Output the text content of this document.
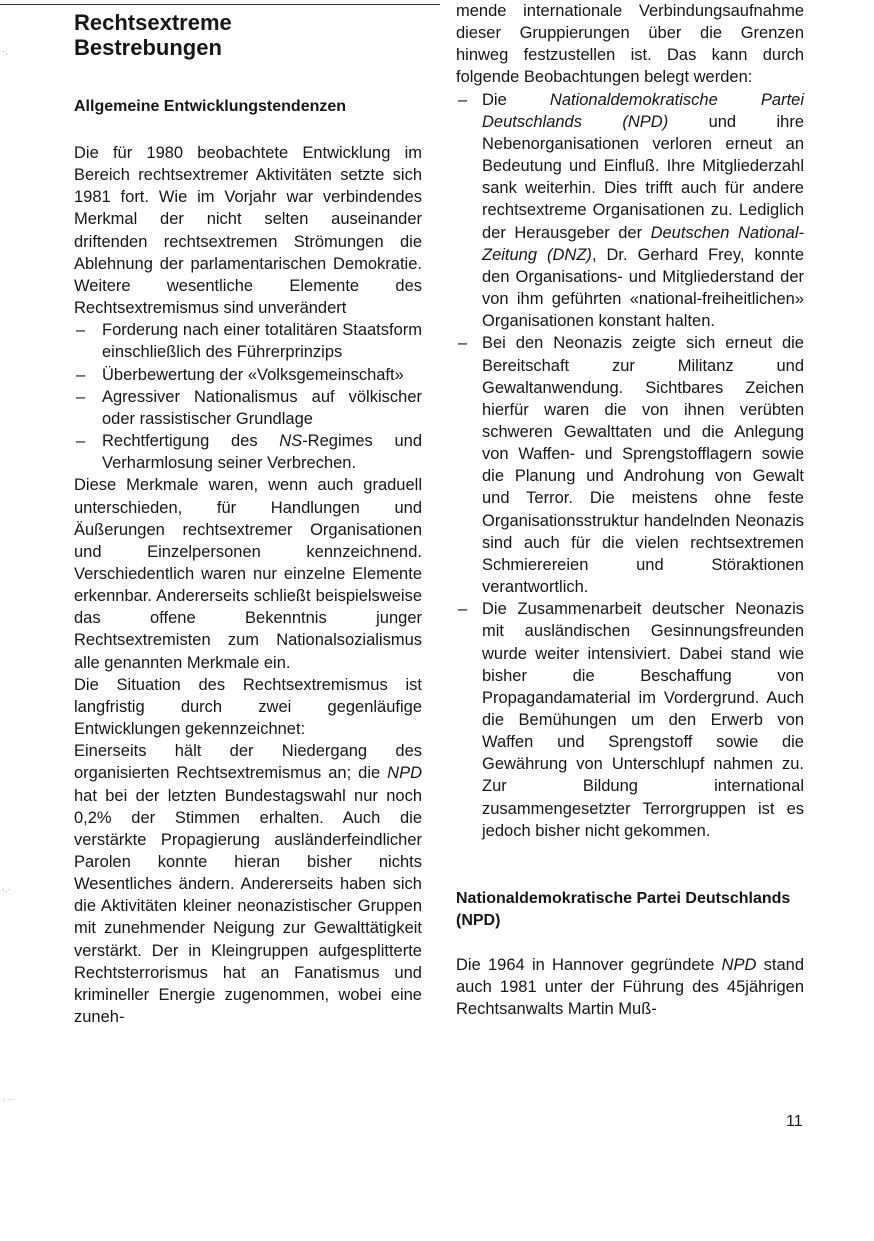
·.
·.·
· ··
Rechtsextreme Bestrebungen
Allgemeine Entwicklungstendenzen

Die für 1980 beobachtete Entwicklung im Bereich rechtsextremer Aktivitäten setzte sich 1981 fort. Wie im Vorjahr war verbindendes Merkmal der nicht selten auseinander driftenden rechtsextremen Strömungen die Ablehnung der parlamentarischen Demokratie. Weitere wesentliche Elemente des Rechtsextremismus sind unverändert

– Forderung nach einer totalitären Staatsform einschließlich des Führerprinzips
– Überbewertung der «Volksgemeinschaft»
– Agressiver Nationalismus auf völkischer oder rassistischer Grundlage
– Rechtfertigung des NS-Regimes und Verharmlosung seiner Verbrechen.

Diese Merkmale waren, wenn auch graduell unterschieden, für Handlungen und Äußerungen rechtsextremer Organisationen und Einzelpersonen kennzeichnend. Verschiedentlich waren nur einzelne Elemente erkennbar. Andererseits schließt beispielsweise das offene Bekenntnis junger Rechtsextremisten zum Nationalsozialismus alle genannten Merkmale ein.

Die Situation des Rechtsextremismus ist langfristig durch zwei gegenläufige Entwicklungen gekennzeichnet:

Einerseits hält der Niedergang des organisierten Rechtsextremismus an; die NPD hat bei der letzten Bundestagswahl nur noch 0,2% der Stimmen erhalten. Auch die verstärkte Propagierung ausländerfeindlicher Parolen konnte hieran bisher nichts Wesentliches ändern. Andererseits haben sich die Aktivitäten kleiner neonazistischer Gruppen mit zunehmender Neigung zur Gewalttätigkeit verstärkt. Der in Kleingruppen aufgesplitterte Rechtsterrorismus hat an Fanatismus und krimineller Energie zugenommen, wobei eine zuneh-

mende internationale Verbindungsaufnahme dieser Gruppierungen über die Grenzen hinweg festzustellen ist. Das kann durch folgende Beobachtungen belegt werden:

– Die Nationaldemokratische Partei Deutschlands (NPD) und ihre Nebenorganisationen verloren erneut an Bedeutung und Einfluß. Ihre Mitgliederzahl sank weiterhin. Dies trifft auch für andere rechtsextreme Organisationen zu. Lediglich der Herausgeber der Deutschen National-Zeitung (DNZ), Dr. Gerhard Frey, konnte den Organisations- und Mitgliederstand der von ihm geführten «national-freiheitlichen» Organisationen konstant halten.
– Bei den Neonazis zeigte sich erneut die Bereitschaft zur Militanz und Gewaltanwendung. Sichtbares Zeichen hierfür waren die von ihnen verübten schweren Gewalttaten und die Anlegung von Waffen- und Sprengstofflagern sowie die Planung und Androhung von Gewalt und Terror. Die meistens ohne feste Organisationsstruktur handelnden Neonazis sind auch für die vielen rechtsextremen Schmierereien und Störaktionen verantwortlich.
– Die Zusammenarbeit deutscher Neonazis mit ausländischen Gesinnungsfreunden wurde weiter intensiviert. Dabei stand wie bisher die Beschaffung von Propagandamaterial im Vordergrund. Auch die Bemühungen um den Erwerb von Waffen und Sprengstoff sowie die Gewährung von Unterschlupf nahmen zu. Zur Bildung international zusammengesetzter Terrorgruppen ist es jedoch bisher nicht gekommen.
Nationaldemokratische Partei Deutschlands (NPD)

Die 1964 in Hannover gegründete NPD stand auch 1981 unter der Führung des 45jährigen Rechtsanwalts Martin Muß-

11
